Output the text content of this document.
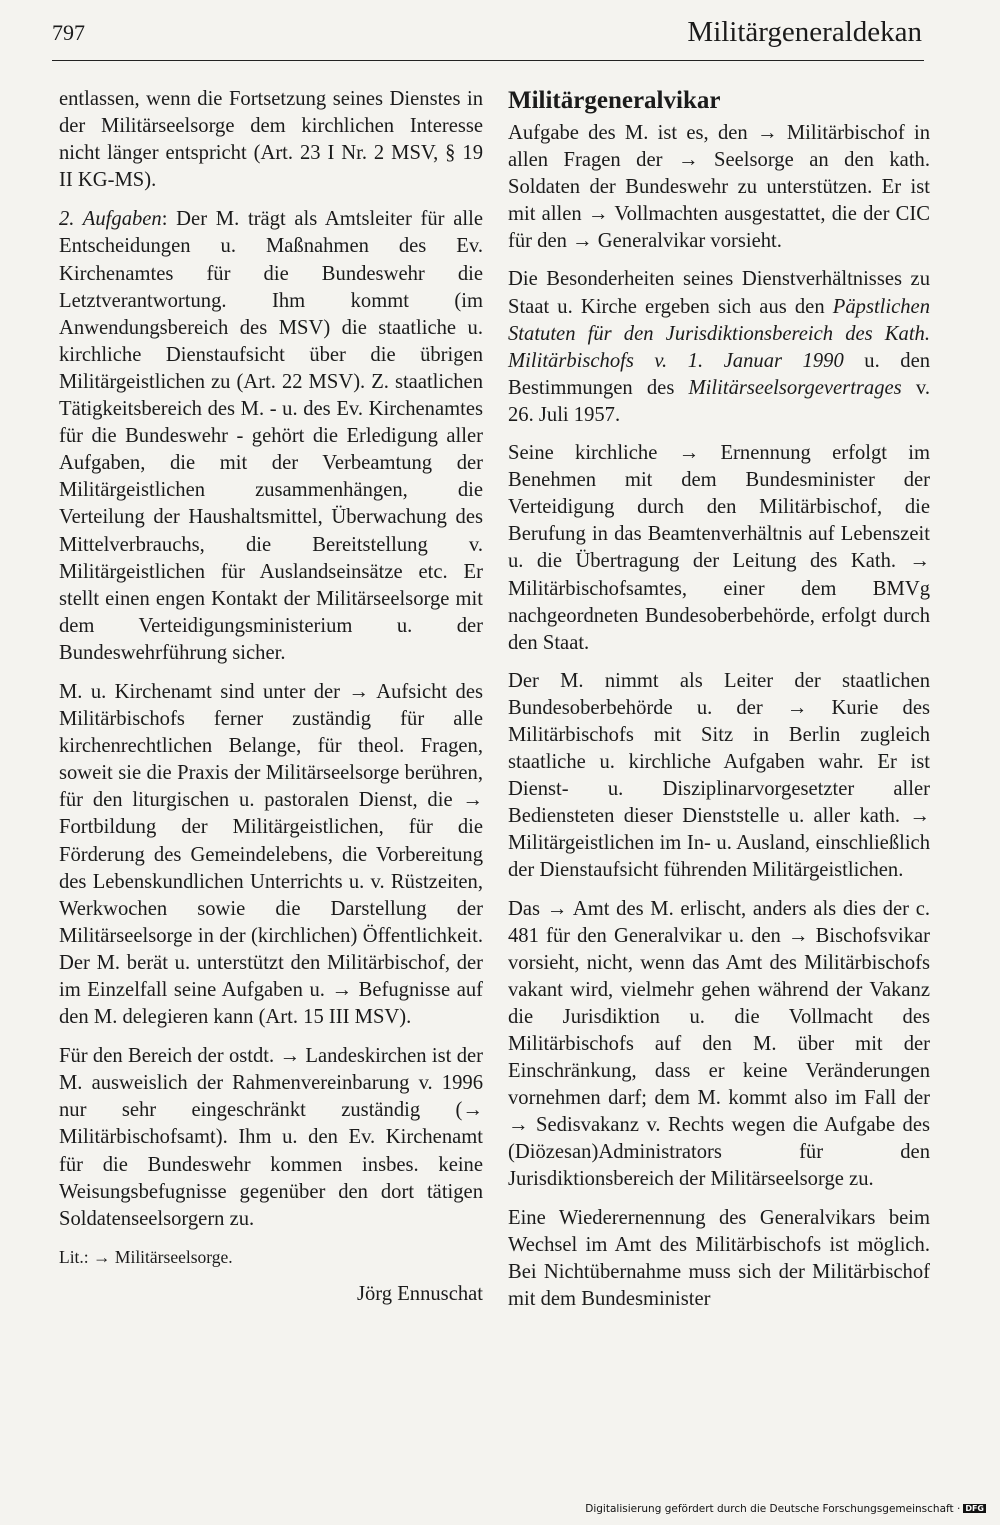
797	Militärgeneraldekan

entlassen, wenn die Fortsetzung seines Dienstes in der Militärseelsorge dem kirchlichen Interesse nicht länger entspricht (Art. 23 I Nr. 2 MSV, § 19 II KG-MS).

2. Aufgaben: Der M. trägt als Amtsleiter für alle Entscheidungen u. Maßnahmen des Ev. Kirchenamtes für die Bundeswehr die Letztverantwortung. Ihm kommt (im Anwendungsbereich des MSV) die staatliche u. kirchliche Dienstaufsicht über die übrigen Militärgeistlichen zu (Art. 22 MSV). Z. staatlichen Tätigkeitsbereich des M. - u. des Ev. Kirchenamtes für die Bundeswehr - gehört die Erledigung aller Aufgaben, die mit der Verbeamtung der Militärgeistlichen zusammenhängen, die Verteilung der Haushaltsmittel, Überwachung des Mittelverbrauchs, die Bereitstellung v. Militärgeistlichen für Auslandseinsätze etc. Er stellt einen engen Kontakt der Militärseelsorge mit dem Verteidigungsministerium u. der Bundeswehrführung sicher.

M. u. Kirchenamt sind unter der → Aufsicht des Militärbischofs ferner zuständig für alle kirchenrechtlichen Belange, für theol. Fragen, soweit sie die Praxis der Militärseelsorge berühren, für den liturgischen u. pastoralen Dienst, die → Fortbildung der Militärgeistlichen, für die Förderung des Gemeindelebens, die Vorbereitung des Lebenskundlichen Unterrichts u. v. Rüstzeiten, Werkwochen sowie die Darstellung der Militärseelsorge in der (kirchlichen) Öffentlichkeit. Der M. berät u. unterstützt den Militärbischof, der im Einzelfall seine Aufgaben u. → Befugnisse auf den M. delegieren kann (Art. 15 III MSV).

Für den Bereich der ostdt. → Landeskirchen ist der M. ausweislich der Rahmenvereinbarung v. 1996 nur sehr eingeschränkt zuständig (→ Militärbischofsamt). Ihm u. den Ev. Kirchenamt für die Bundeswehr kommen insbes. keine Weisungsbefugnisse gegenüber den dort tätigen Soldatenseelsorgern zu.

Lit.: → Militärseelsorge.

Jörg Ennuschat

Militärgeneralvikar

Aufgabe des M. ist es, den → Militärbischof in allen Fragen der → Seelsorge an den kath. Soldaten der Bundeswehr zu unterstützen. Er ist mit allen → Vollmachten ausgestattet, die der CIC für den → Generalvikar vorsieht.

Die Besonderheiten seines Dienstverhältnisses zu Staat u. Kirche ergeben sich aus den Päpstlichen Statuten für den Jurisdiktionsbereich des Kath. Militärbischofs v. 1. Januar 1990 u. den Bestimmungen des Militärseelsorgevertrages v. 26. Juli 1957.

Seine kirchliche → Ernennung erfolgt im Benehmen mit dem Bundesminister der Verteidigung durch den Militärbischof, die Berufung in das Beamtenverhältnis auf Lebenszeit u. die Übertragung der Leitung des Kath. → Militärbischofsamtes, einer dem BMVg nachgeordneten Bundesoberbehörde, erfolgt durch den Staat.

Der M. nimmt als Leiter der staatlichen Bundesoberbehörde u. der → Kurie des Militärbischofs mit Sitz in Berlin zugleich staatliche u. kirchliche Aufgaben wahr. Er ist Dienst- u. Disziplinarvorgesetzter aller Bediensteten dieser Dienststelle u. aller kath. → Militärgeistlichen im In- u. Ausland, einschließlich der Dienstaufsicht führenden Militärgeistlichen.

Das → Amt des M. erlischt, anders als dies der c. 481 für den Generalvikar u. den → Bischofsvikar vorsieht, nicht, wenn das Amt des Militärbischofs vakant wird, vielmehr gehen während der Vakanz die Jurisdiktion u. die Vollmacht des Militärbischofs auf den M. über mit der Einschränkung, dass er keine Veränderungen vornehmen darf; dem M. kommt also im Fall der → Sedisvakanz v. Rechts wegen die Aufgabe des (Diözesan)Administrators für den Jurisdiktionsbereich der Militärseelsorge zu.

Eine Wiederernennung des Generalvikars beim Wechsel im Amt des Militärbischofs ist möglich. Bei Nichtübernahme muss sich der Militärbischof mit dem Bundesminister

Digitalisierung gefördert durch die Deutsche Forschungsgemeinschaft · DFG
